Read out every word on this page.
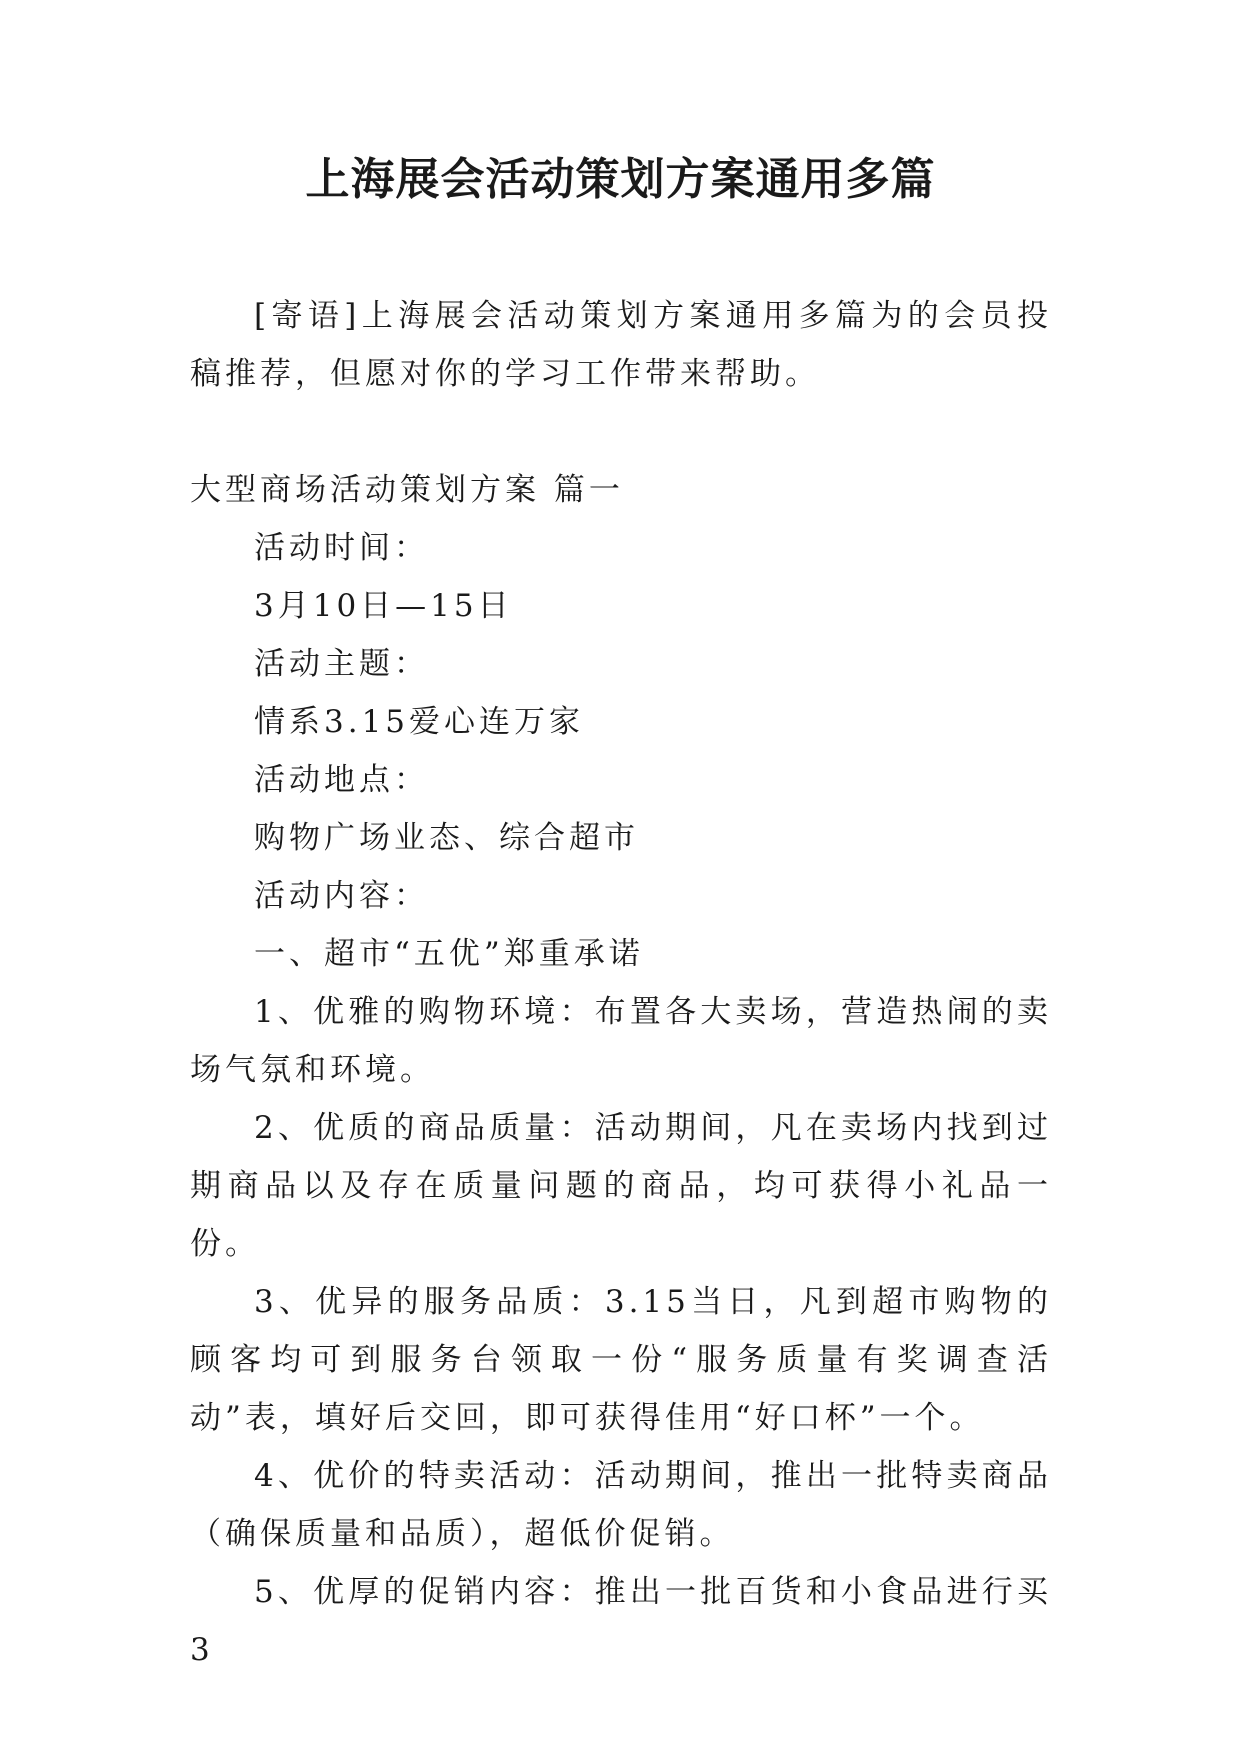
上海展会活动策划方案通用多篇

[寄语]上海展会活动策划方案通用多篇为的会员投稿推荐，但愿对你的学习工作带来帮助。

大型商场活动策划方案 篇一

活动时间：

3月10日—15日

活动主题：

情系3.15爱心连万家

活动地点：

购物广场业态、综合超市

活动内容：

一、超市“五优”郑重承诺

1、优雅的购物环境：布置各大卖场，营造热闹的卖场气氛和环境。

2、优质的商品质量：活动期间，凡在卖场内找到过期商品以及存在质量问题的商品，均可获得小礼品一份。

3、优异的服务品质：3.15当日，凡到超市购物的顾客均可到服务台领取一份“服务质量有奖调查活动”表，填好后交回，即可获得佳用“好口杯”一个。

4、优价的特卖活动：活动期间，推出一批特卖商品（确保质量和品质），超低价促销。

5、优厚的促销内容：推出一批百货和小食品进行买3
